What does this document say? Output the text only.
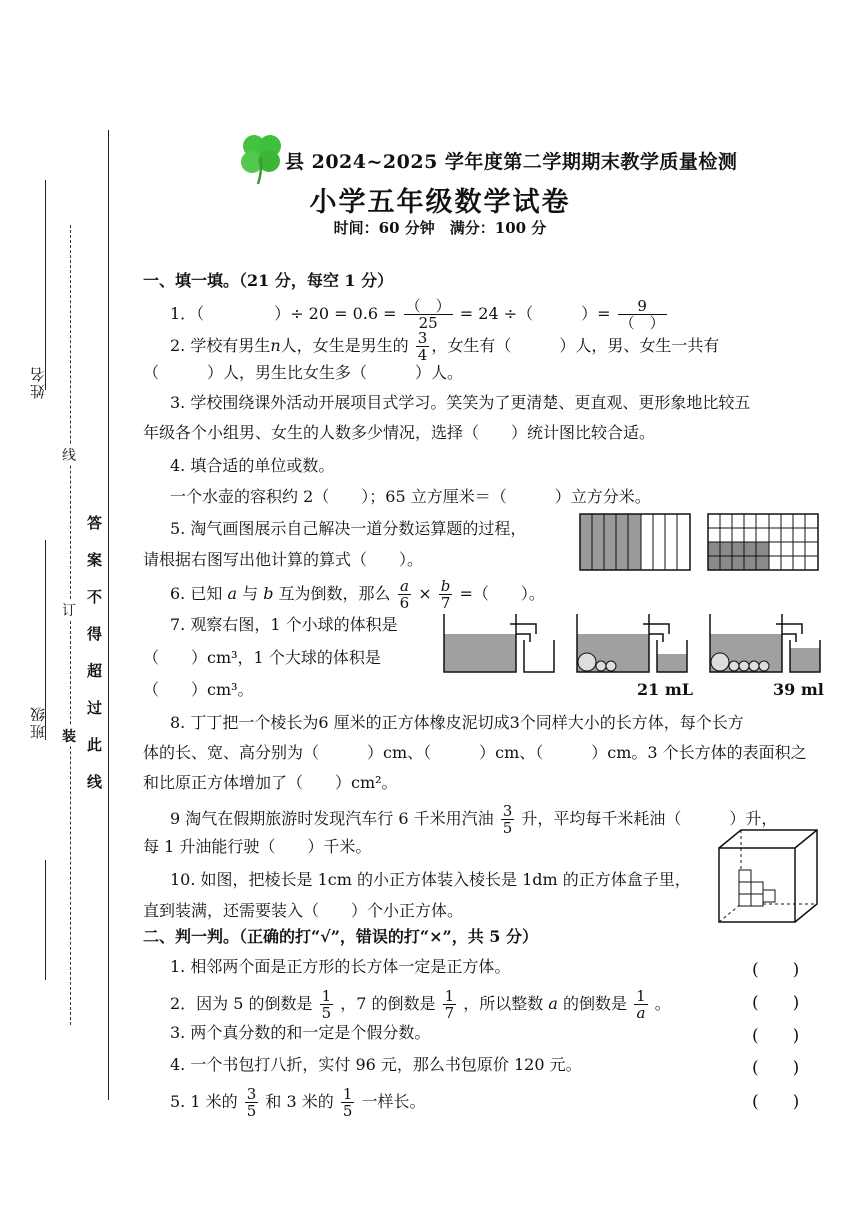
姓名
班级 装
订
线
答案不得超过此线
县 2024~2025 学年度第二学期期末教学质量检测
小学五年级数学试卷
时间：60 分钟　满分：100 分
一、填一填。（21 分，每空 1 分）
1．（	）÷ $20 = 0.6 = \frac{( )}{25} = 24$ ÷（　　　）= $\frac{9}{( )}$
2. 学校有男生n人，女生是男生的 $\frac{3}{4}$ ，女生有（　　　）人，男、女生一共有
（　　　）人，男生比女生多（　　　）人。
3. 学校围绕课外活动开展项目式学习。笑笑为了更清楚、更直观、更形象地比较五
年级各个小组男、女生的人数多少情况，选择（　　）统计图比较合适。
4. 填合适的单位或数。
一个水壶的容积约 2（　　）；65 立方厘米＝（　　　）立方分米。
5. 淘气画图展示自己解决一道分数运算题的过程，
请根据右图写出他计算的算式（　　）。
6. 已知 a 与 b 互为倒数，那么 $\frac{a}{6} \times \frac{b}{7}$ =（　　）。
7. 观察右图，1 个小球的体积是
（　　）cm³，1 个大球的体积是
（　　）cm³。	21 mL	39 ml
8. 丁丁把一个棱长为6 厘米的正方体橡皮泥切成3个同样大小的长方体，每个长方
体的长、宽、高分别为（　　　）cm、（　　　）cm、（　　　）cm。3 个长方体的表面积之
和比原正方体增加了（　　）cm²。
9 淘气在假期旅游时发现汽车行 6 千米用汽油 $\frac{3}{5}$ 升，平均每千米耗油（　　　）升，
每 1 升油能行驶（　　）千米。
10. 如图，把棱长是 1cm 的小正方体装入棱长是 1dm 的正方体盒子里，
直到装满，还需要装入（　　）个小正方体。
二、判一判。（正确的打“√”，错误的打“×”，共 5 分）
1. 相邻两个面是正方形的长方体一定是正方体。
2．因为 5 的倒数是 $\frac{1}{5}$ ，7 的倒数是 $\frac{1}{7}$ ，所以整数 a 的倒数是 $\frac{1}{a}$ 。
3. 两个真分数的和一定是个假分数。
4. 一个书包打八折，实付 96 元，那么书包原价 120 元。
5. 1 米的 $\frac{3}{5}$ 和 3 米的 $\frac{1}{5}$ 一样长。
(　　)
(　　)
(　　)
(　　)
(　　)
